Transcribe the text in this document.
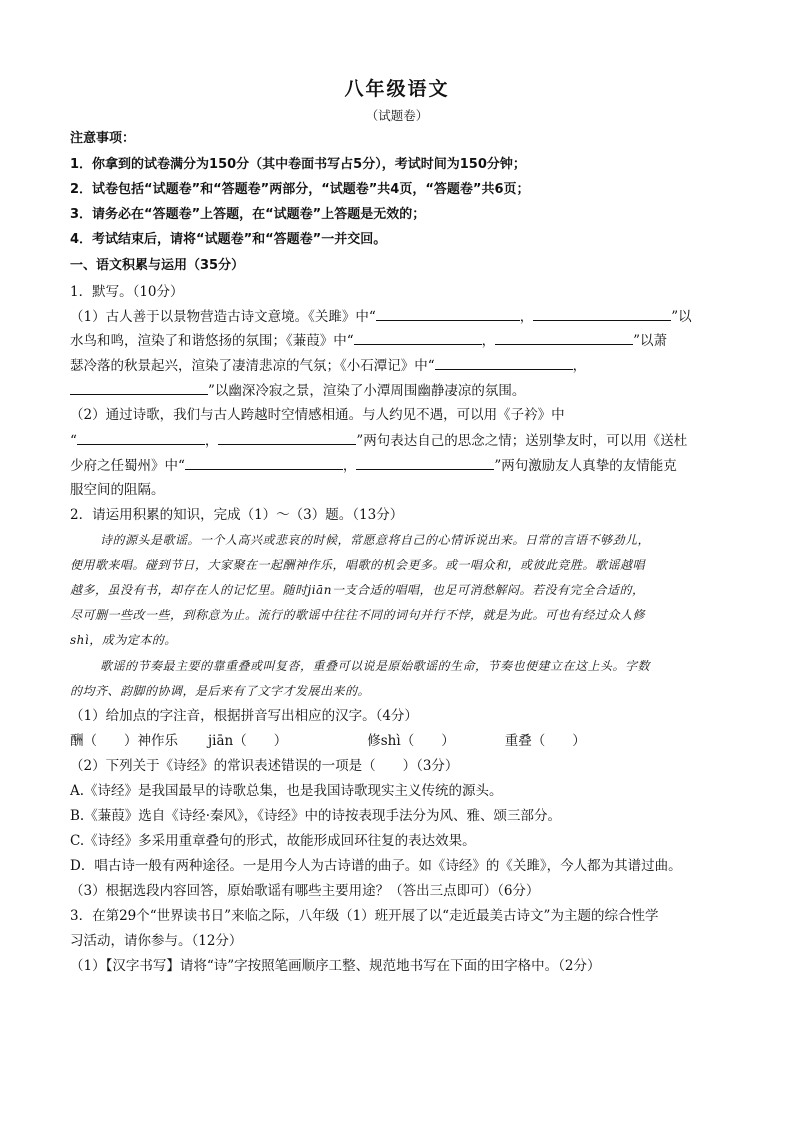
八年级语文
（试题卷）
注意事项：
1．你拿到的试卷满分为150分（其中卷面书写占5分），考试时间为150分钟；
2．试卷包括“试题卷”和“答题卷”两部分，“试题卷”共4页，“答题卷”共6页；
3．请务必在“答题卷”上答题，在“试题卷”上答题是无效的；
4．考试结束后，请将“试题卷”和“答题卷”一并交回。
一、语文积累与运用（35分）
1．默写。（10分）
（1）古人善于以景物营造古诗文意境。《关雎》中“	，	”以
水鸟和鸣，渲染了和谐悠扬的氛围；《蒹葭》中“	，	”以萧
瑟冷落的秋景起兴，渲染了凄清悲凉的气氛；《小石潭记》中“	，
”以幽深冷寂之景，渲染了小潭周围幽静凄凉的氛围。
（2）通过诗歌，我们与古人跨越时空情感相通。与人约见不遇，可以用《子衿》中
“	，	”两句表达自己的思念之情；送别挚友时，可以用《送杜
少府之任蜀州》中“	，	”两句激励友人真挚的友情能克
服空间的阻隔。
2．请运用积累的知识，完成（1）～（3）题。（13分）
诗的源头是歌谣。一个人高兴或悲哀的时候，常愿意将自己的心情诉说出来。日常的言语不够劲儿，
便用歌来唱。碰到节日，大家聚在一起酬神作乐，唱歌的机会更多。或一唱众和，或彼此竞胜。歌谣越唱
越多，虽没有书，却存在人的记忆里。随时jiān一支合适的唱唱，也足可消愁解闷。若没有完全合适的，
尽可删一些改一些，到称意为止。流行的歌谣中往往不同的词句并行不悖，就是为此。可也有经过众人修
shì，成为定本的。
歌谣的节奏最主要的靠重叠或叫复沓，重叠可以说是原始歌谣的生命，节奏也便建立在这上头。字数
的均齐、韵脚的协调，是后来有了文字才发展出来的。
（1）给加点的字注音，根据拼音写出相应的汉字。（4分）
酬（　　）神作乐 jiān（　　）	修shì（　　）	重叠（　　）
（2）下列关于《诗经》的常识表述错误的一项是（　　）（3分）
A.《诗经》是我国最早的诗歌总集，也是我国诗歌现实主义传统的源头。
B.《蒹葭》选自《诗经·秦风》，《诗经》中的诗按表现手法分为风、雅、颂三部分。
C.《诗经》多采用重章叠句的形式，故能形成回环往复的表达效果。
D．唱古诗一般有两种途径。一是用今人为古诗谱的曲子。如《诗经》的《关雎》，今人都为其谱过曲。
（3）根据选段内容回答，原始歌谣有哪些主要用途？（答出三点即可）（6分）
3．在第29个“世界读书日”来临之际，八年级（1）班开展了以“走近最美古诗文”为主题的综合性学
习活动，请你参与。（12分）
（1）【汉字书写】请将“诗”字按照笔画顺序工整、规范地书写在下面的田字格中。（2分）
